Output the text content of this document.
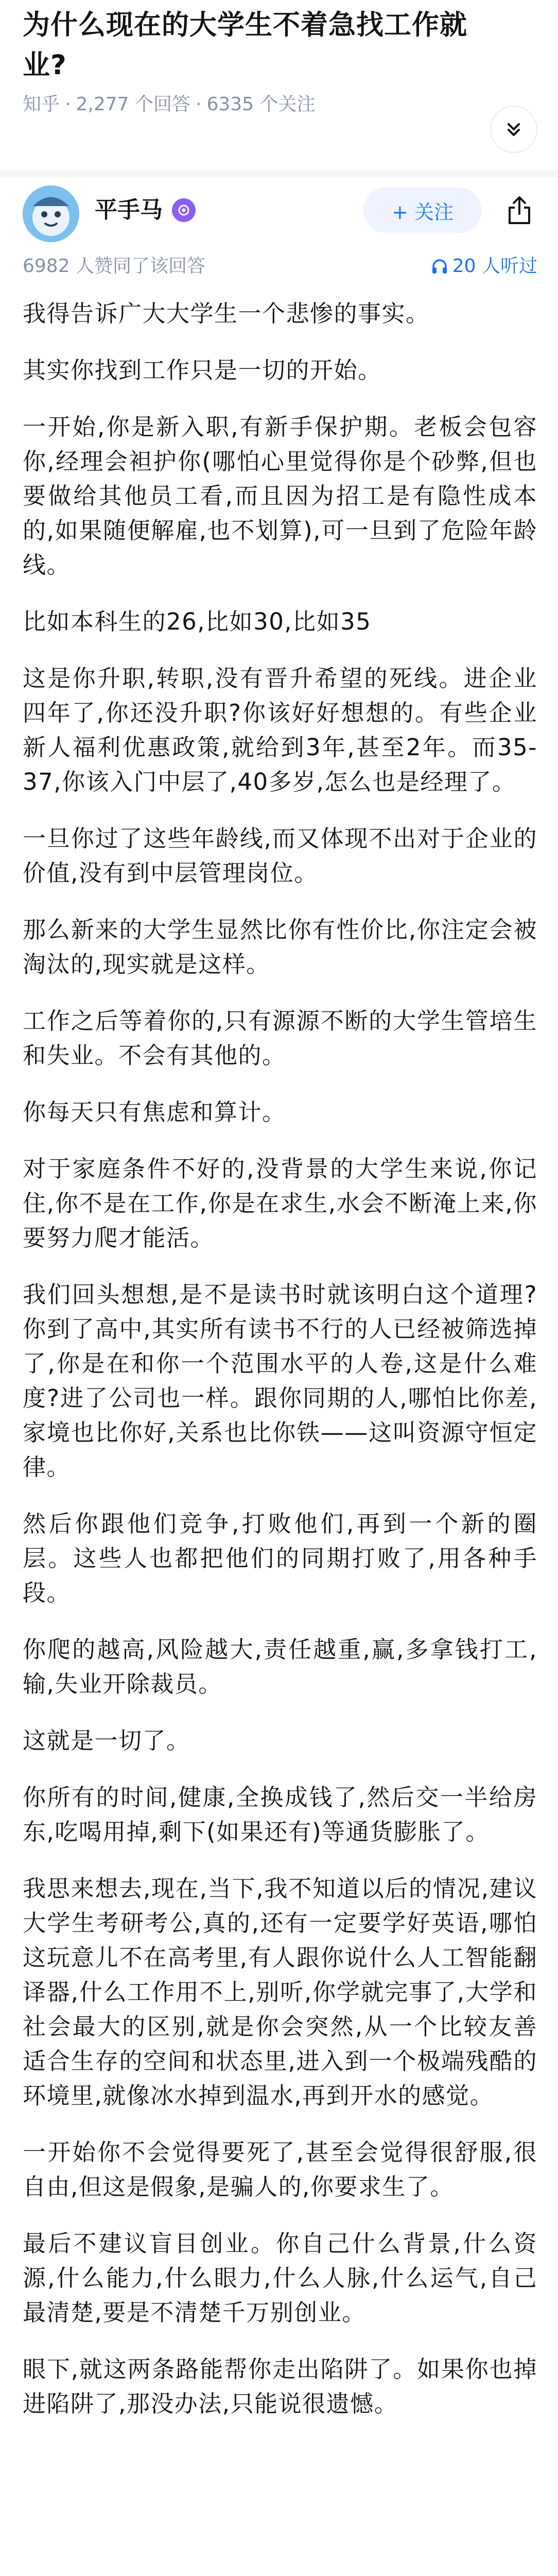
为什么现在的大学生不着急找工作就业?
知乎 · 2,277 个回答 · 6335 个关注
平手马	+ 关注
6982 人赞同了该回答	20 人听过

我得告诉广大大学生一个悲惨的事实。

其实你找到工作只是一切的开始。

一开始,你是新入职,有新手保护期。老板会包容你,经理会袒护你(哪怕心里觉得你是个砂弊,但也要做给其他员工看,而且因为招工是有隐性成本的,如果随便解雇,也不划算),可一旦到了危险年龄线。

比如本科生的26,比如30,比如35

这是你升职,转职,没有晋升希望的死线。进企业四年了,你还没升职?你该好好想想的。有些企业新人福利优惠政策,就给到3年,甚至2年。而35-37,你该入门中层了,40多岁,怎么也是经理了。

一旦你过了这些年龄线,而又体现不出对于企业的价值,没有到中层管理岗位。

那么新来的大学生显然比你有性价比,你注定会被淘汰的,现实就是这样。

工作之后等着你的,只有源源不断的大学生管培生和失业。不会有其他的。

你每天只有焦虑和算计。

对于家庭条件不好的,没背景的大学生来说,你记住,你不是在工作,你是在求生,水会不断淹上来,你要努力爬才能活。

我们回头想想,是不是读书时就该明白这个道理?你到了高中,其实所有读书不行的人已经被筛选掉了,你是在和你一个范围水平的人卷,这是什么难度?进了公司也一样。跟你同期的人,哪怕比你差,家境也比你好,关系也比你铁——这叫资源守恒定律。

然后你跟他们竞争,打败他们,再到一个新的圈层。这些人也都把他们的同期打败了,用各种手段。

你爬的越高,风险越大,责任越重,赢,多拿钱打工,输,失业开除裁员。

这就是一切了。

你所有的时间,健康,全换成钱了,然后交一半给房东,吃喝用掉,剩下(如果还有)等通货膨胀了。

我思来想去,现在,当下,我不知道以后的情况,建议大学生考研考公,真的,还有一定要学好英语,哪怕这玩意儿不在高考里,有人跟你说什么人工智能翻译器,什么工作用不上,别听,你学就完事了,大学和社会最大的区别,就是你会突然,从一个比较友善适合生存的空间和状态里,进入到一个极端残酷的环境里,就像冰水掉到温水,再到开水的感觉。

一开始你不会觉得要死了,甚至会觉得很舒服,很自由,但这是假象,是骗人的,你要求生了。

最后不建议盲目创业。你自己什么背景,什么资源,什么能力,什么眼力,什么人脉,什么运气,自己最清楚,要是不清楚千万别创业。

眼下,就这两条路能帮你走出陷阱了。如果你也掉进陷阱了,那没办法,只能说很遗憾。
